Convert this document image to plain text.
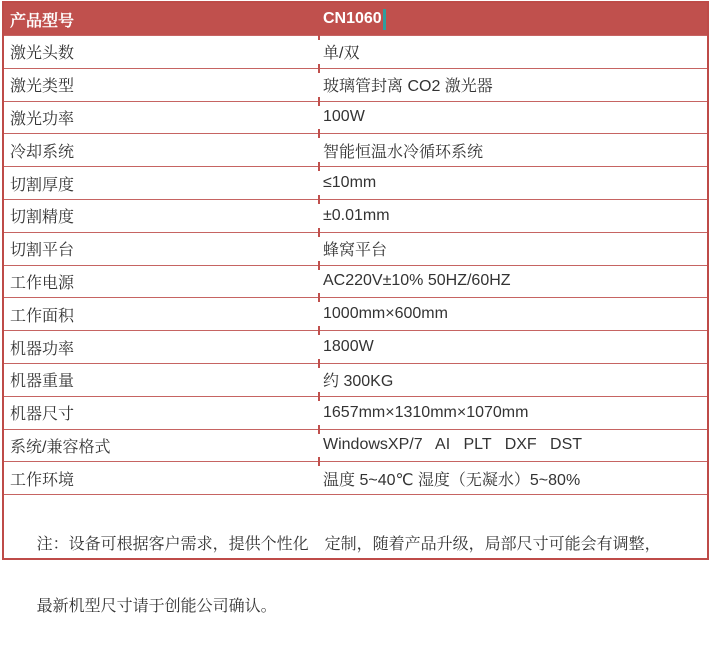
产品型号	CN1060
激光头数	单/双
激光类型	玻璃管封离 CO2 激光器
激光功率	100W
冷却系统	智能恒温水冷循环系统
切割厚度	≤10mm
切割精度	±0.01mm
切割平台	蜂窝平台
工作电源	AC220V±10% 50HZ/60HZ
工作面积	1000mm×600mm
机器功率	1800W
机器重量	约 300KG
机器尺寸	1657mm×1310mm×1070mm
系统/兼容格式	WindowsXP/7   AI   PLT   DXF   DST
工作环境	温度 5~40℃ 湿度（无凝水）5~80%

注：设备可根据客户需求，提供个性化　定制，随着产品升级，局部尺寸可能会有调整，

最新机型尺寸请于创能公司确认。
